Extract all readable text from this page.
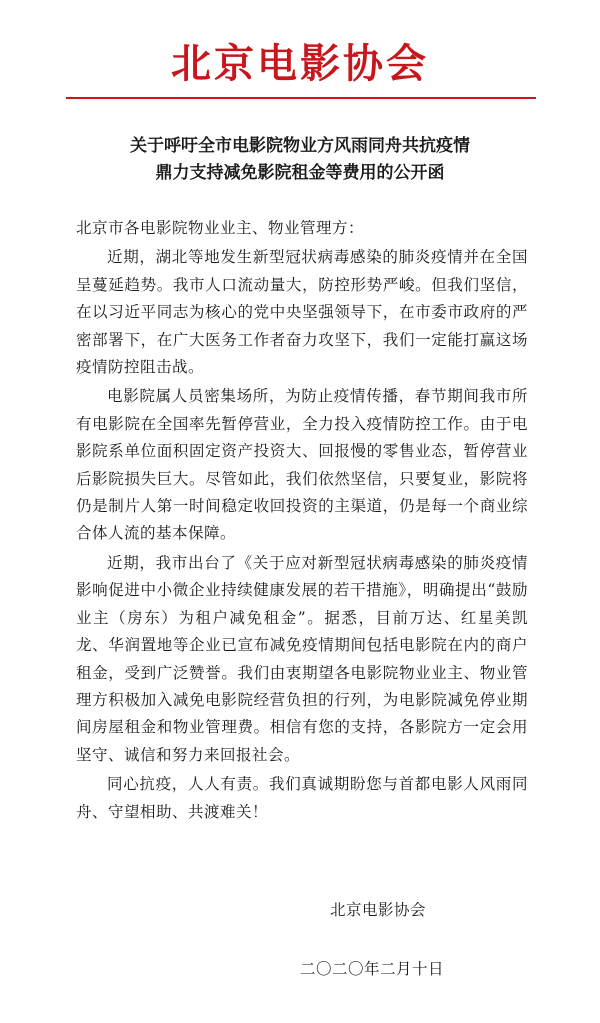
北京电影协会
关于呼吁全市电影院物业方风雨同舟共抗疫情
鼎力支持减免影院租金等费用的公开函

北京市各电影院物业业主、物业管理方：

近期，湖北等地发生新型冠状病毒感染的肺炎疫情并在全国呈蔓延趋势。我市人口流动量大，防控形势严峻。但我们坚信，在以习近平同志为核心的党中央坚强领导下，在市委市政府的严密部署下，在广大医务工作者奋力攻坚下，我们一定能打赢这场疫情防控阻击战。

电影院属人员密集场所，为防止疫情传播，春节期间我市所有电影院在全国率先暂停营业，全力投入疫情防控工作。由于电影院系单位面积固定资产投资大、回报慢的零售业态，暂停营业后影院损失巨大。尽管如此，我们依然坚信，只要复业，影院将仍是制片人第一时间稳定收回投资的主渠道，仍是每一个商业综合体人流的基本保障。

近期，我市出台了《关于应对新型冠状病毒感染的肺炎疫情影响促进中小微企业持续健康发展的若干措施》，明确提出“鼓励业主（房东）为租户减免租金”。据悉，目前万达、红星美凯龙、华润置地等企业已宣布减免疫情期间包括电影院在内的商户租金，受到广泛赞誉。我们由衷期望各电影院物业业主、物业管理方积极加入减免电影院经营负担的行列，为电影院减免停业期间房屋租金和物业管理费。相信有您的支持，各影院方一定会用坚守、诚信和努力来回报社会。

同心抗疫，人人有责。我们真诚期盼您与首都电影人风雨同舟、守望相助、共渡难关！

北京电影协会
二〇二〇年二月十日
